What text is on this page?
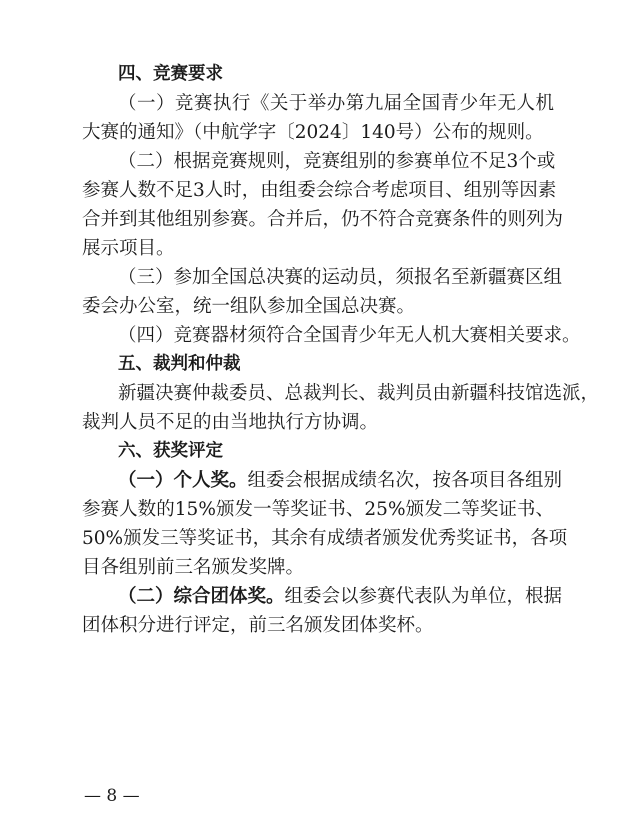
四、竞赛要求
（一）竞赛执行《关于举办第九届全国青少年无人机
大赛的通知》（中航学字〔2024〕140号）公布的规则。
（二）根据竞赛规则，竞赛组别的参赛单位不足3个或
参赛人数不足3人时，由组委会综合考虑项目、组别等因素
合并到其他组别参赛。合并后，仍不符合竞赛条件的则列为
展示项目。
（三）参加全国总决赛的运动员，须报名至新疆赛区组
委会办公室，统一组队参加全国总决赛。
（四）竞赛器材须符合全国青少年无人机大赛相关要求。
五、裁判和仲裁
新疆决赛仲裁委员、总裁判长、裁判员由新疆科技馆选派，
裁判人员不足的由当地执行方协调。
六、获奖评定
（一）个人奖。组委会根据成绩名次，按各项目各组别
参赛人数的15%颁发一等奖证书、25%颁发二等奖证书、
50%颁发三等奖证书，其余有成绩者颁发优秀奖证书，各项
目各组别前三名颁发奖牌。
（二）综合团体奖。组委会以参赛代表队为单位，根据
团体积分进行评定，前三名颁发团体奖杯。
— 8 —
